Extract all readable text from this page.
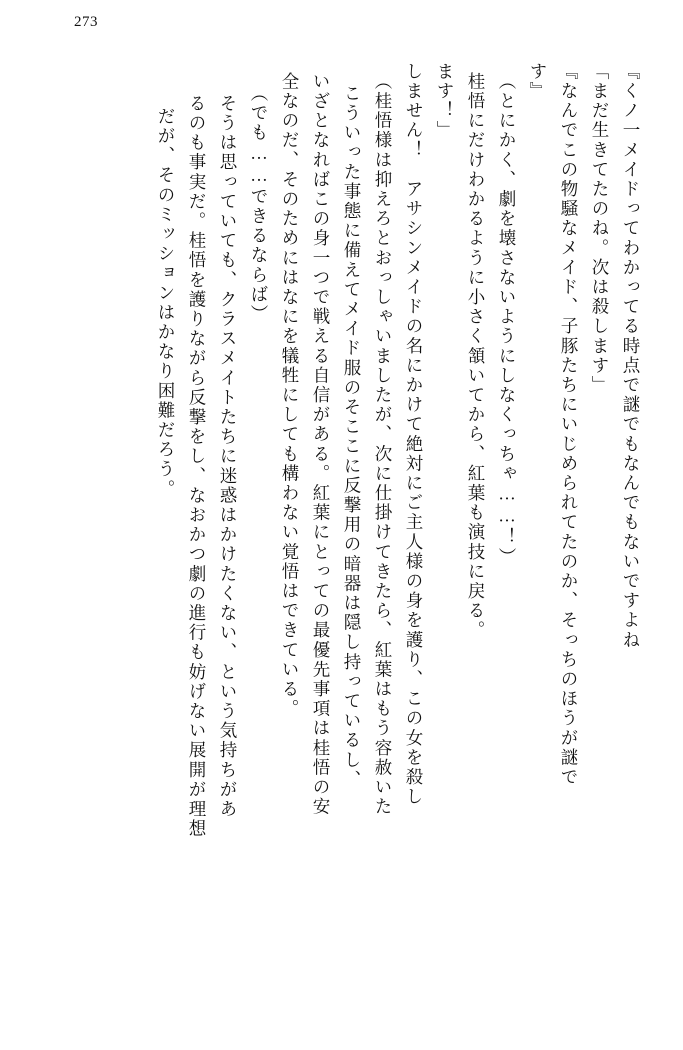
273
『くノ一メイドってわかってる時点で謎でもなんでもないですよね
「まだ生きてたのね。次は殺します」
『なんでこの物騒なメイド、子豚たちにいじめられてたのか、そっちのほうが謎で
す』
（とにかく、劇を壊さないようにしなくっちゃ……！）
桂悟にだけわかるように小さく頷いてから、紅葉も演技に戻る。
ます！」
しません！　アサシンメイドの名にかけて絶対にご主人様の身を護り、この女を殺し
（桂悟様は抑えろとおっしゃいましたが、次に仕掛けてきたら、紅葉はもう容赦いた
こういった事態に備えてメイド服のそここに反撃用の暗器は隠し持っているし、
いざとなればこの身一つで戦える自信がある。紅葉にとっての最優先事項は桂悟の安
全なのだ、そのためにはなにを犠牲にしても構わない覚悟はできている。
（でも……できるならば）
そうは思っていても、クラスメイトたちに迷惑はかけたくない、という気持ちがあ
るのも事実だ。桂悟を護りながら反撃をし、なおかつ劇の進行も妨げない展開が理想
だが、そのミッションはかなり困難だろう。
